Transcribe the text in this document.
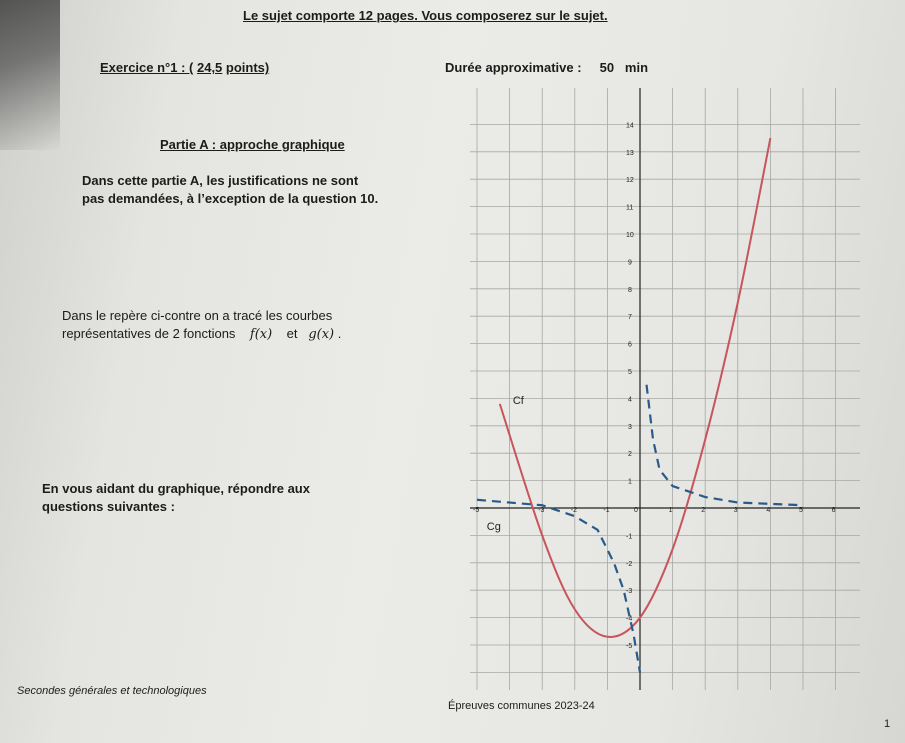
Le sujet comporte 12 pages. Vous composerez sur le sujet.
Exercice n°1 : ( 24,5 points)	Durée approximative : 50 min
Partie A : approche graphique
Dans cette partie A, les justifications ne sont
pas demandées, à l’exception de la question 10.
Dans le repère ci-contre on a tracé les courbes
représentatives de 2 fonctions f(x) et g(x) .
En vous aidant du graphique, répondre aux
questions suivantes :	-5	-3	-2	-1	0	1	2	3	4	5	6
14
13
12
11
10
9
8
7
6
5
4
3
2
1
-1
-2
-3
-4
-5
Cf
Cg
Secondes générales et technologiques
Épreuves communes 2023-24
1
